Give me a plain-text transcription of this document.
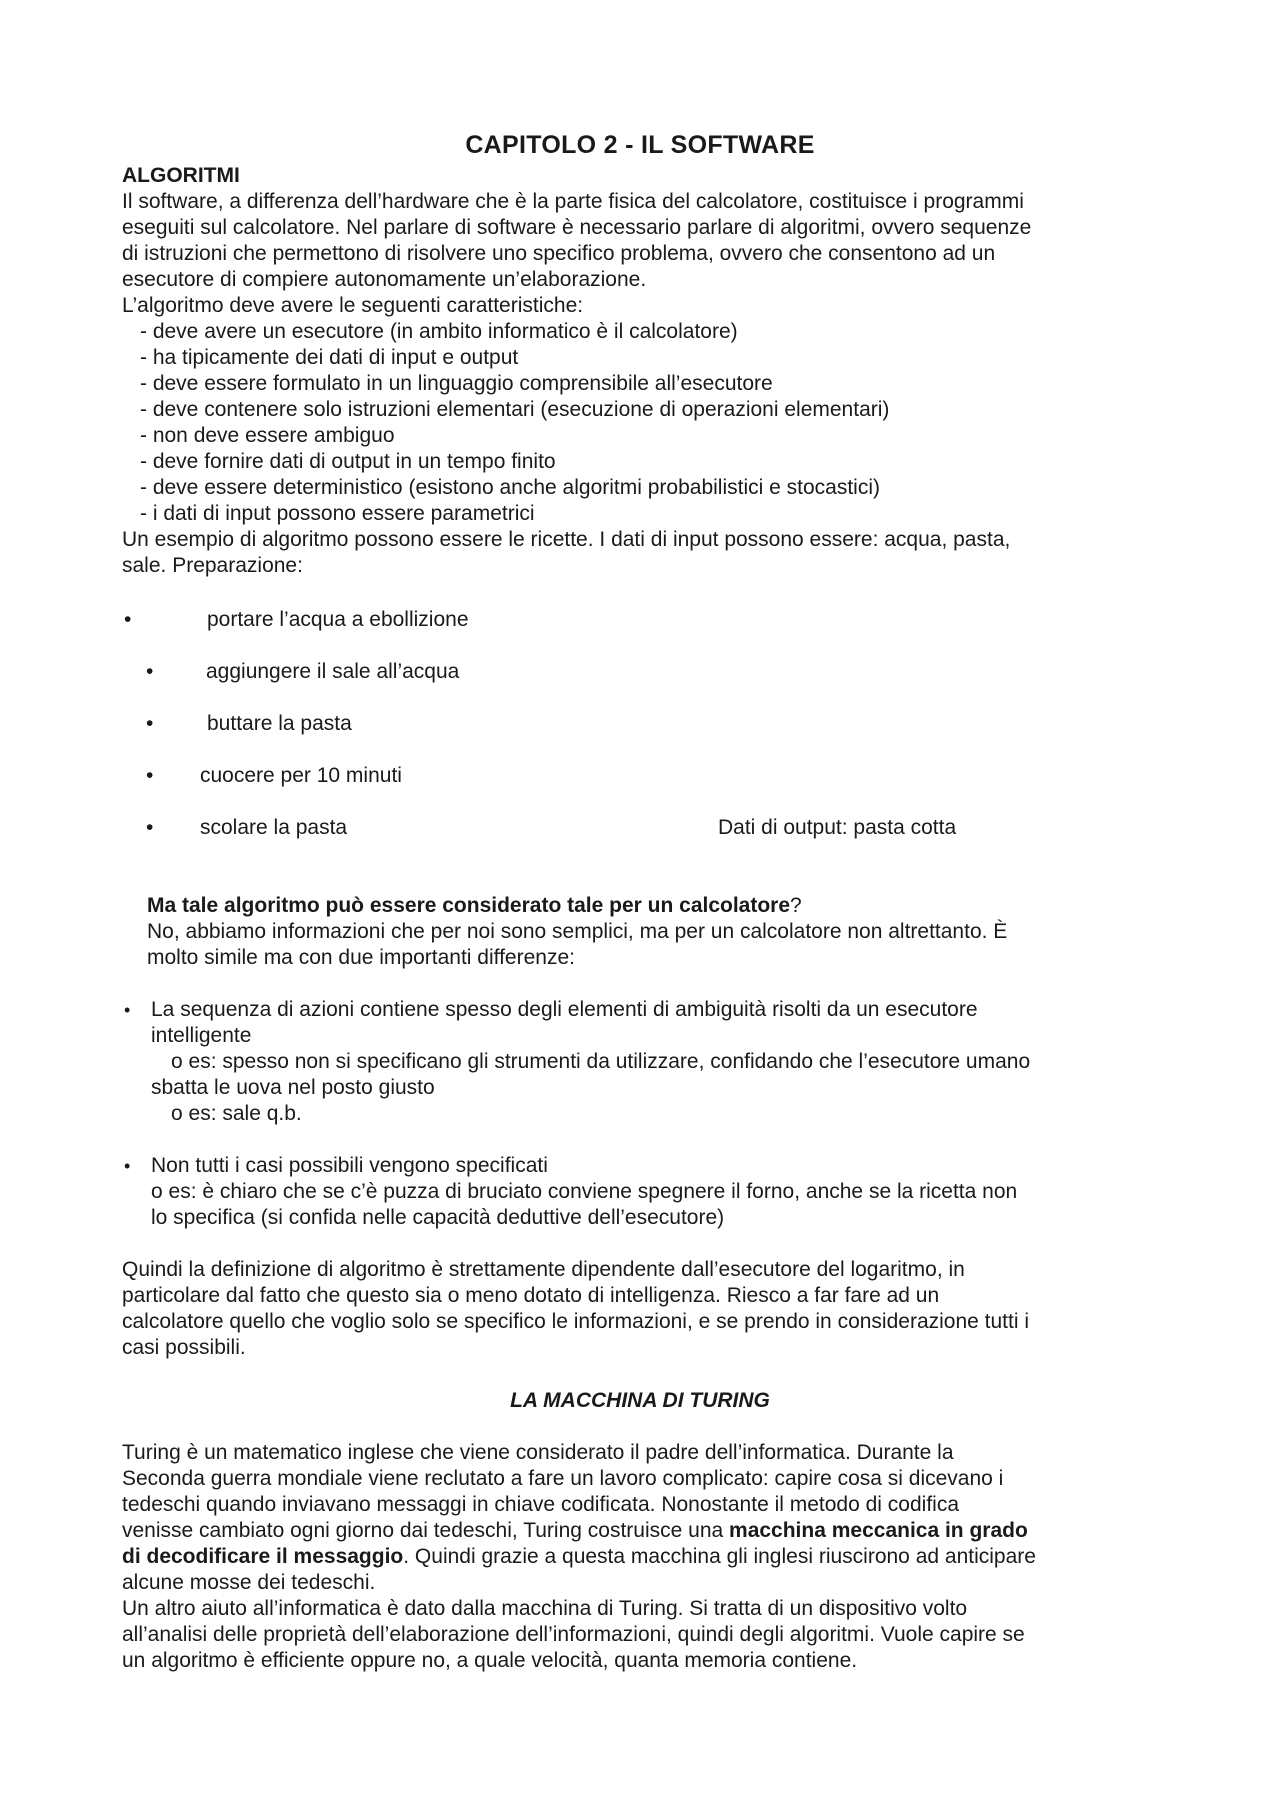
CAPITOLO 2 - IL SOFTWARE
ALGORITMI
Il software, a differenza dell’hardware che è la parte fisica del calcolatore, costituisce i programmi
eseguiti sul calcolatore. Nel parlare di software è necessario parlare di algoritmi, ovvero sequenze
di istruzioni che permettono di risolvere uno specifico problema, ovvero che consentono ad un
esecutore di compiere autonomamente un’elaborazione.
L’algoritmo deve avere le seguenti caratteristiche:
- deve avere un esecutore (in ambito informatico è il calcolatore)
- ha tipicamente dei dati di input e output
- deve essere formulato in un linguaggio comprensibile all’esecutore
- deve contenere solo istruzioni elementari (esecuzione di operazioni elementari)
- non deve essere ambiguo
- deve fornire dati di output in un tempo finito
- deve essere deterministico (esistono anche algoritmi probabilistici e stocastici)
- i dati di input possono essere parametrici
Un esempio di algoritmo possono essere le ricette. I dati di input possono essere: acqua, pasta,
sale. Preparazione:
•	portare l’acqua a ebollizione
•	aggiungere il sale all’acqua
•	buttare la pasta
• cuocere per 10 minuti
• scolare la pasta	Dati di output: pasta cotta
Ma tale algoritmo può essere considerato tale per un calcolatore?
No, abbiamo informazioni che per noi sono semplici, ma per un calcolatore non altrettanto. È
molto simile ma con due importanti differenze:
• La sequenza di azioni contiene spesso degli elementi di ambiguità risolti da un esecutore
intelligente
o es: spesso non si specificano gli strumenti da utilizzare, confidando che l’esecutore umano
sbatta le uova nel posto giusto
o es: sale q.b.
• Non tutti i casi possibili vengono specificati
o es: è chiaro che se c’è puzza di bruciato conviene spegnere il forno, anche se la ricetta non
lo specifica (si confida nelle capacità deduttive dell’esecutore)
Quindi la definizione di algoritmo è strettamente dipendente dall’esecutore del logaritmo, in
particolare dal fatto che questo sia o meno dotato di intelligenza. Riesco a far fare ad un
calcolatore quello che voglio solo se specifico le informazioni, e se prendo in considerazione tutti i
casi possibili.
LA MACCHINA DI TURING
Turing è un matematico inglese che viene considerato il padre dell’informatica. Durante la
Seconda guerra mondiale viene reclutato a fare un lavoro complicato: capire cosa si dicevano i
tedeschi quando inviavano messaggi in chiave codificata. Nonostante il metodo di codifica
venisse cambiato ogni giorno dai tedeschi, Turing costruisce una macchina meccanica in grado
di decodificare il messaggio. Quindi grazie a questa macchina gli inglesi riuscirono ad anticipare
alcune mosse dei tedeschi.
Un altro aiuto all’informatica è dato dalla macchina di Turing. Si tratta di un dispositivo volto
all’analisi delle proprietà dell’elaborazione dell’informazioni, quindi degli algoritmi. Vuole capire se
un algoritmo è efficiente oppure no, a quale velocità, quanta memoria contiene.
